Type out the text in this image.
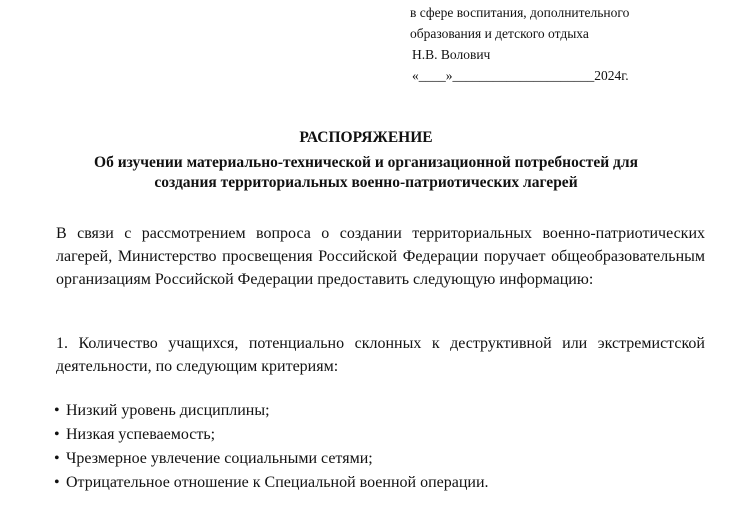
в сфере воспитания, дополнительного
образования и детского отдыха
Н.В. Волович
«____»_____________________2024г.
РАСПОРЯЖЕНИЕ
Об изучении материально-технической и организационной потребностей для
создания территориальных военно-патриотических лагерей
В связи с рассмотрением вопроса о создании территориальных военно-патриотических лагерей, Министерство просвещения Российской Федерации поручает общеобразовательным организациям Российской Федерации предоставить следующую информацию:
1. Количество учащихся, потенциально склонных к деструктивной или экстремистской деятельности, по следующим критериям:
• Низкий уровень дисциплины;
• Низкая успеваемость;
• Чрезмерное увлечение социальными сетями;
• Отрицательное отношение к Специальной военной операции.
